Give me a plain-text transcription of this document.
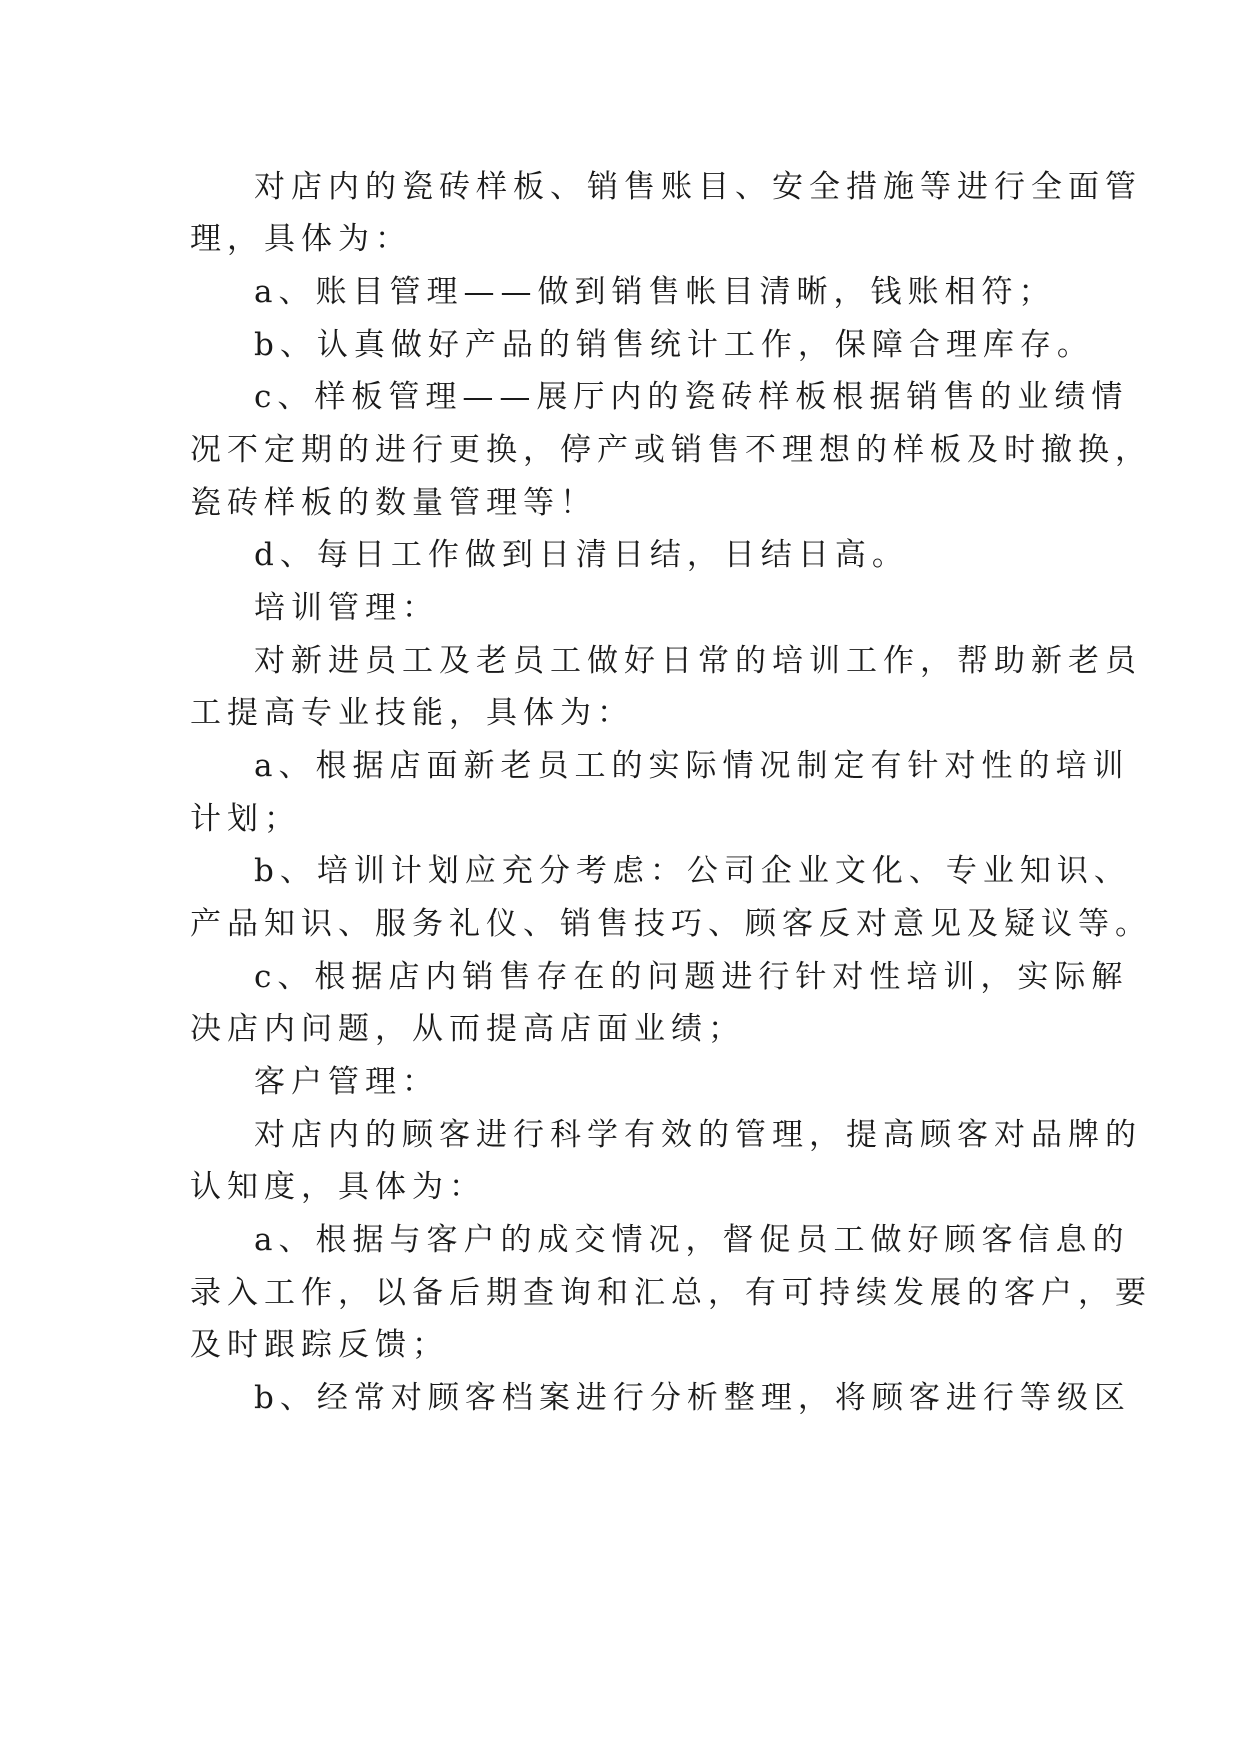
对店内的瓷砖样板、销售账目、安全措施等进行全面管
理，具体为：
a、账目管理——做到销售帐目清晰，钱账相符；
b、认真做好产品的销售统计工作，保障合理库存。
c、样板管理——展厅内的瓷砖样板根据销售的业绩情
况不定期的进行更换，停产或销售不理想的样板及时撤换，
瓷砖样板的数量管理等！
d、每日工作做到日清日结，日结日高。
培训管理：
对新进员工及老员工做好日常的培训工作，帮助新老员
工提高专业技能，具体为：
a、根据店面新老员工的实际情况制定有针对性的培训
计划；
b、培训计划应充分考虑：公司企业文化、专业知识、
产品知识、服务礼仪、销售技巧、顾客反对意见及疑议等。
c、根据店内销售存在的问题进行针对性培训，实际解
决店内问题，从而提高店面业绩；
客户管理：
对店内的顾客进行科学有效的管理，提高顾客对品牌的
认知度，具体为：
a、根据与客户的成交情况，督促员工做好顾客信息的
录入工作，以备后期查询和汇总，有可持续发展的客户，要
及时跟踪反馈；
b、经常对顾客档案进行分析整理，将顾客进行等级区
